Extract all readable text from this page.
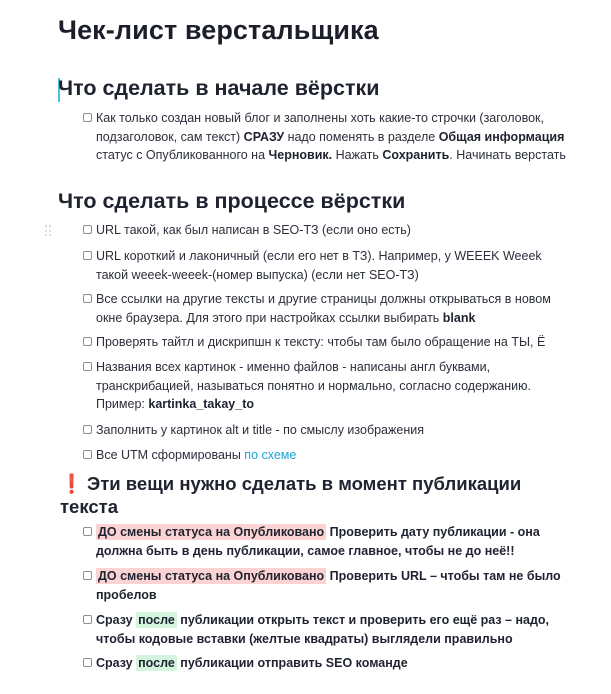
Чек-лист верстальщика
Что сделать в начале вёрстки
Как только создан новый блог и заполнены хоть какие-то строчки (заголовок, подзаголовок, сам текст) СРАЗУ надо поменять в разделе Общая информация статус с Опубликованного на Черновик. Нажать Сохранить. Начинать верстать
Что сделать в процессе вёрстки
URL такой, как был написан в SEO-ТЗ (если оно есть)
URL короткий и лаконичный (если его нет в ТЗ). Например, у WEEEK Weeek такой weeek-weeek-(номер выпуска) (если нет SEO-ТЗ)
Все ссылки на другие тексты и другие страницы должны открываться в новом окне браузера. Для этого при настройках ссылки выбирать blank
Проверять тайтл и дискрипшн к тексту: чтобы там было обращение на ТЫ, Ё
Названия всех картинок - именно файлов - написаны англ буквами, транскрибацией, называться понятно и нормально, согласно содержанию. Пример: kartinka_takay_to
Заполнить у картинок alt и title - по смыслу изображения
Все UTM сформированы по схеме
❗ Эти вещи нужно сделать в момент публикации текста
ДО смены статуса на Опубликовано Проверить дату публикации - она должна быть в день публикации, самое главное, чтобы не до неё!!
ДО смены статуса на Опубликовано Проверить URL – чтобы там не было пробелов
Сразу после публикации открыть текст и проверить его ещё раз – надо, чтобы кодовые вставки (желтые квадраты) выглядели правильно
Сразу после публикации отправить SEO команде
